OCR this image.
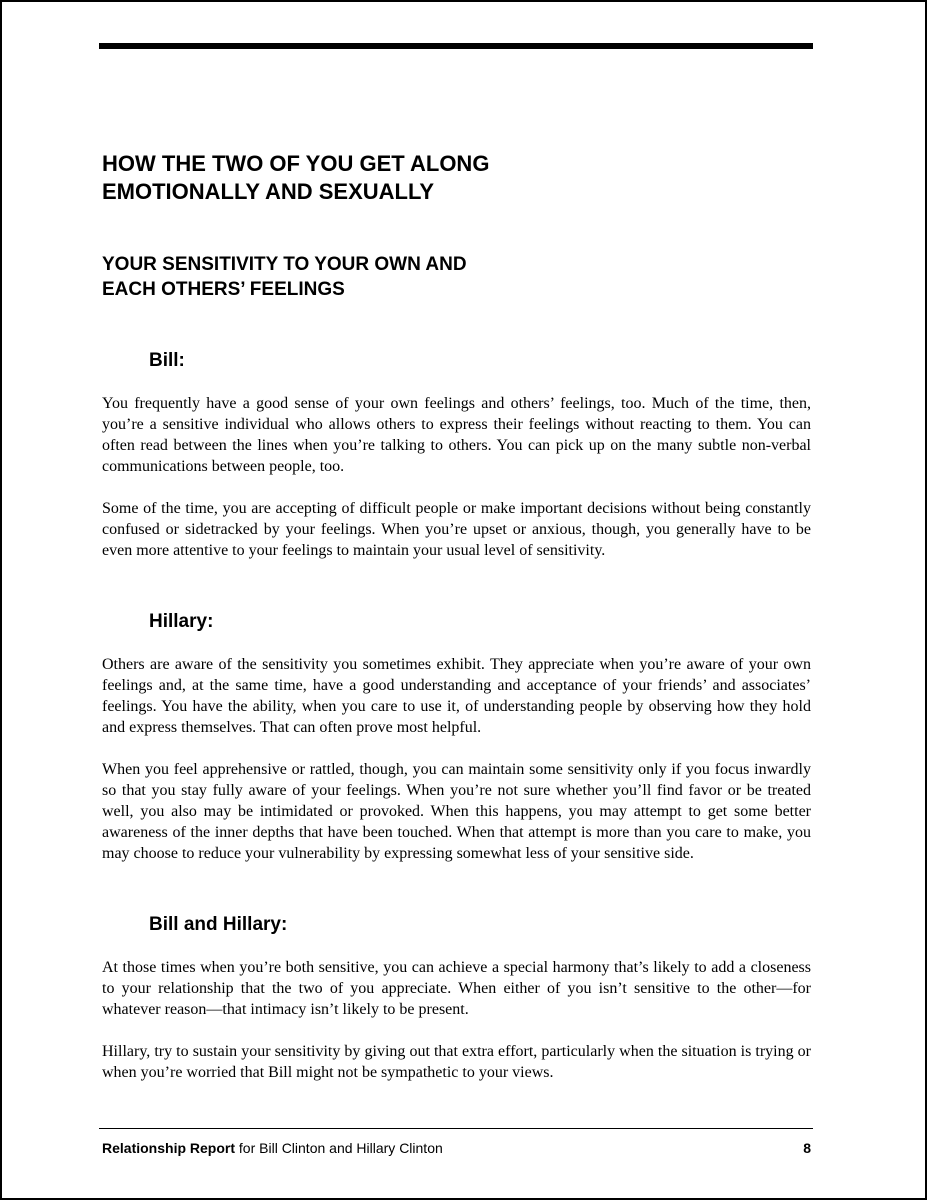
HOW THE TWO OF YOU GET ALONG
EMOTIONALLY AND SEXUALLY
YOUR SENSITIVITY TO YOUR OWN AND
EACH OTHERS’ FEELINGS
Bill:

You frequently have a good sense of your own feelings and others’ feelings, too. Much of the time, then, you’re a sensitive individual who allows others to express their feelings without reacting to them. You can often read between the lines when you’re talking to others. You can pick up on the many subtle non-verbal communications between people, too.

Some of the time, you are accepting of difficult people or make important decisions without being constantly confused or sidetracked by your feelings. When you’re upset or anxious, though, you generally have to be even more attentive to your feelings to maintain your usual level of sensitivity.

Hillary:

Others are aware of the sensitivity you sometimes exhibit. They appreciate when you’re aware of your own feelings and, at the same time, have a good understanding and acceptance of your friends’ and associates’ feelings. You have the ability, when you care to use it, of understanding people by observing how they hold and express themselves. That can often prove most helpful.

When you feel apprehensive or rattled, though, you can maintain some sensitivity only if you focus inwardly so that you stay fully aware of your feelings. When you’re not sure whether you’ll find favor or be treated well, you also may be intimidated or provoked. When this happens, you may attempt to get some better awareness of the inner depths that have been touched. When that attempt is more than you care to make, you may choose to reduce your vulnerability by expressing somewhat less of your sensitive side.

Bill and Hillary:

At those times when you’re both sensitive, you can achieve a special harmony that’s likely to add a closeness to your relationship that the two of you appreciate. When either of you isn’t sensitive to the other—for whatever reason—that intimacy isn’t likely to be present.

Hillary, try to sustain your sensitivity by giving out that extra effort, particularly when the situation is trying or when you’re worried that Bill might not be sympathetic to your views.

Relationship Report for Bill Clinton and Hillary Clinton	8
